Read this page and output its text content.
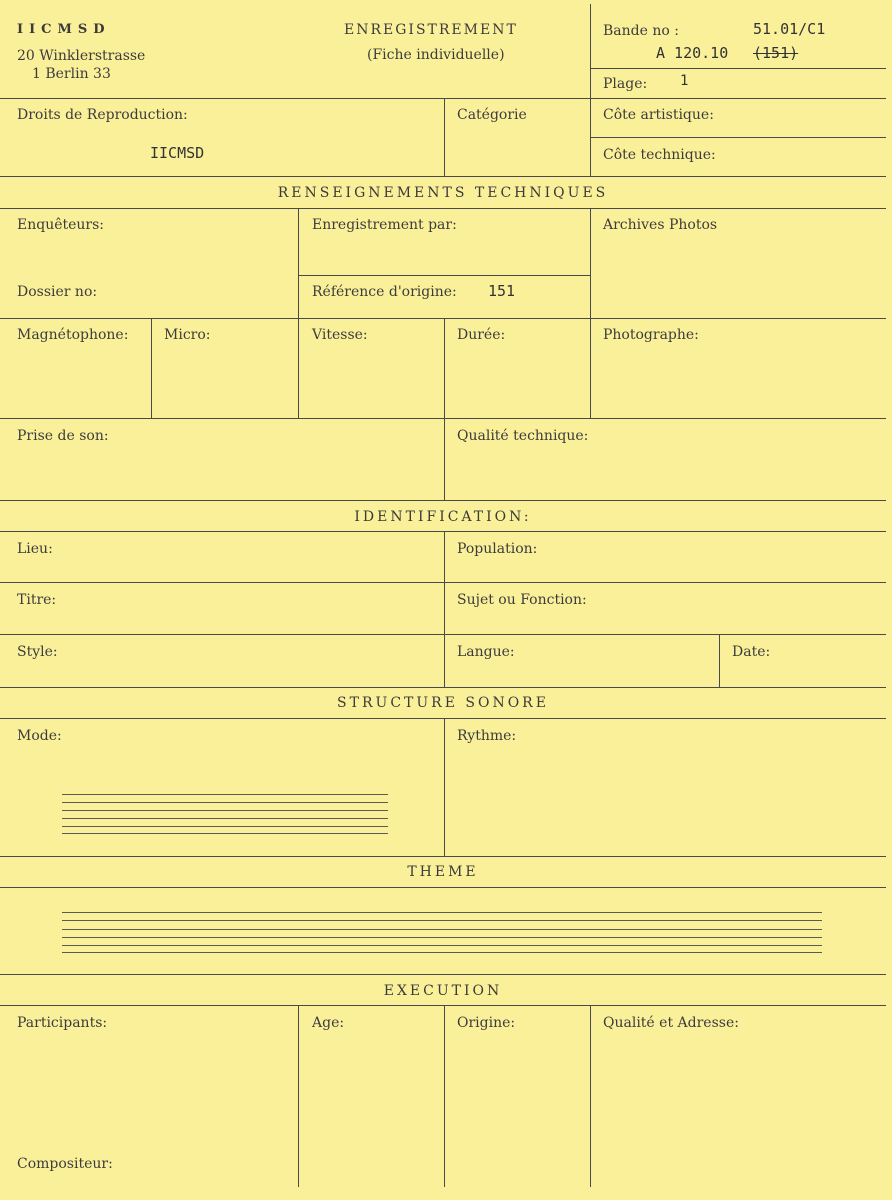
IICMSD
20 Winklerstrasse
1 Berlin 33
ENREGISTREMENT
(Fiche individuelle)
Bande no :	51.01/C1
A 120.10 (151)
Plage: 1
Droits de Reproduction:
IICMSD
Catégorie	Côte artistique:
Côte technique:
RENSEIGNEMENTS TECHNIQUES
Enquêteurs:	Enregistrement par:	Archives Photos
Dossier no:	Référence d'origine: 151
Magnétophone:	Micro:	Vitesse:	Durée:	Photographe:
Prise de son:	Qualité technique:
IDENTIFICATION:
Lieu:	Population:
Titre:	Sujet ou Fonction:
Style:	Langue:	Date:
STRUCTURE SONORE
Mode:	Rythme:
THEME
EXECUTION
Participants:	Age:	Origine:	Qualité et Adresse:
Compositeur:
